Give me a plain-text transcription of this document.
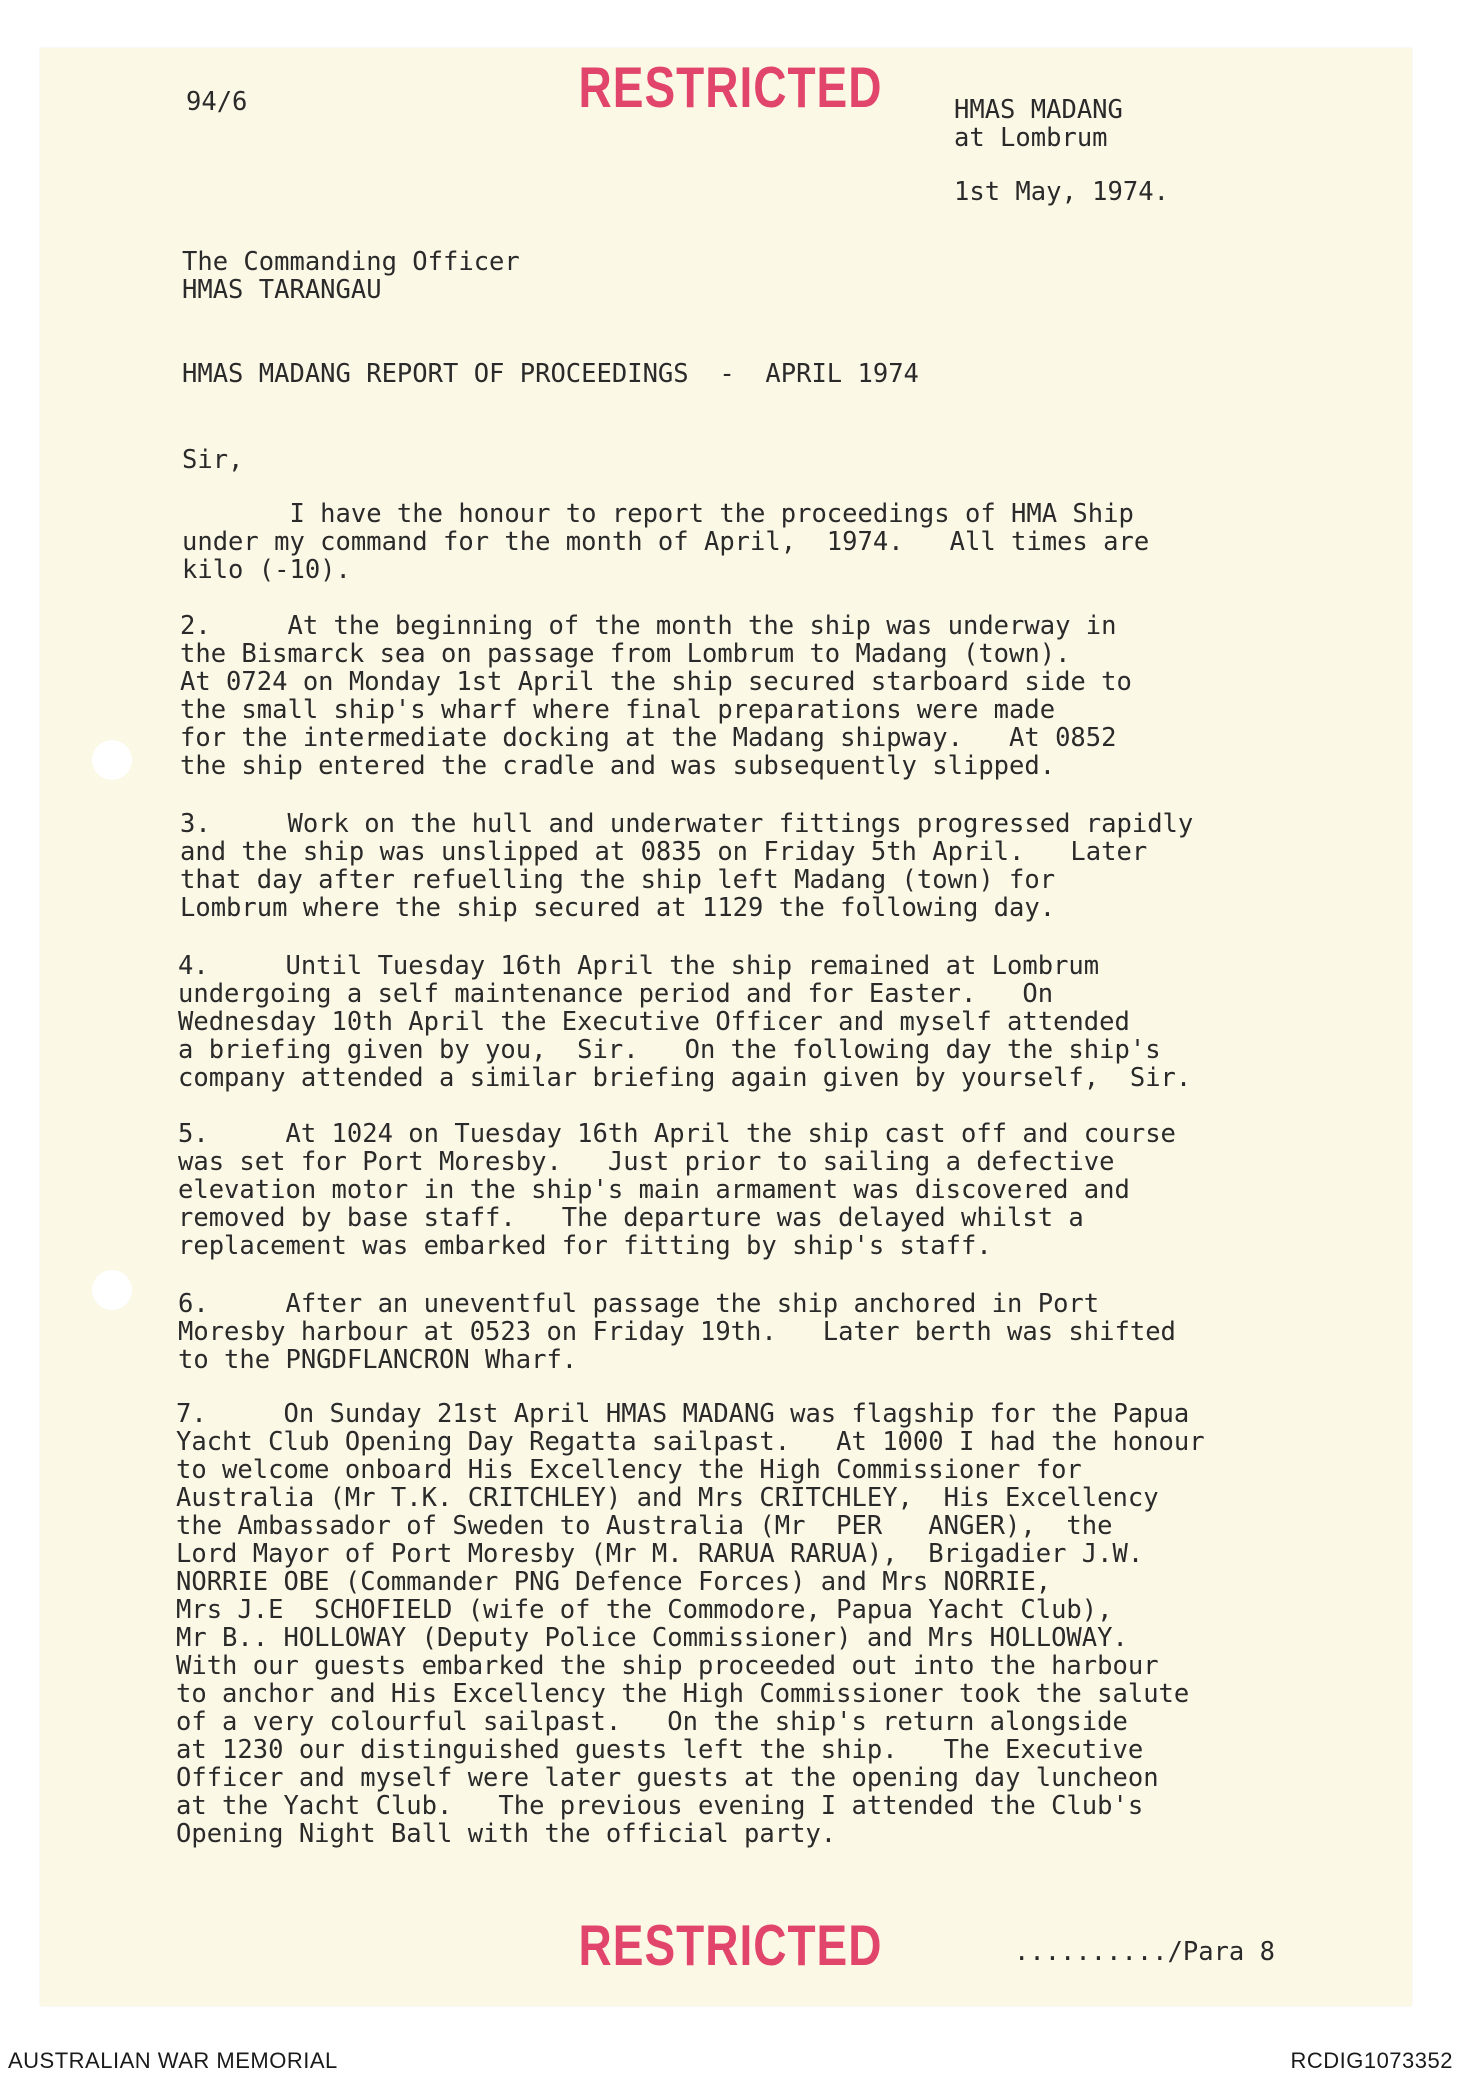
RESTRICTED
94/6	HMAS MADANG
at Lombrum
1st May, 1974.
The Commanding Officer
HMAS TARANGAU
HMAS MADANG REPORT OF PROCEEDINGS  -  APRIL 1974
Sir,
I have the honour to report the proceedings of HMA Ship
under my command for the month of April,  1974.   All times are
kilo (-10).
2.     At the beginning of the month the ship was underway in
the Bismarck sea on passage from Lombrum to Madang (town).
At 0724 on Monday 1st April the ship secured starboard side to
the small ship's wharf where final preparations were made
for the intermediate docking at the Madang shipway.   At 0852
the ship entered the cradle and was subsequently slipped.
3.     Work on the hull and underwater fittings progressed rapidly
and the ship was unslipped at 0835 on Friday 5th April.   Later
that day after refuelling the ship left Madang (town) for
Lombrum where the ship secured at 1129 the following day.
4.     Until Tuesday 16th April the ship remained at Lombrum
undergoing a self maintenance period and for Easter.   On
Wednesday 10th April the Executive Officer and myself attended
a briefing given by you,  Sir.   On the following day the ship's
company attended a similar briefing again given by yourself,  Sir.
5.     At 1024 on Tuesday 16th April the ship cast off and course
was set for Port Moresby.   Just prior to sailing a defective
elevation motor in the ship's main armament was discovered and
removed by base staff.   The departure was delayed whilst a
replacement was embarked for fitting by ship's staff.
6.     After an uneventful passage the ship anchored in Port
Moresby harbour at 0523 on Friday 19th.   Later berth was shifted
to the PNGDFLANCRON Wharf.
7.     On Sunday 21st April HMAS MADANG was flagship for the Papua
Yacht Club Opening Day Regatta sailpast.   At 1000 I had the honour
to welcome onboard His Excellency the High Commissioner for
Australia (Mr T.K. CRITCHLEY) and Mrs CRITCHLEY,  His Excellency
the Ambassador of Sweden to Australia (Mr  PER   ANGER),  the
Lord Mayor of Port Moresby (Mr M. RARUA RARUA),  Brigadier J.W.
NORRIE OBE (Commander PNG Defence Forces) and Mrs NORRIE,
Mrs J.E  SCHOFIELD (wife of the Commodore, Papua Yacht Club),
Mr B.. HOLLOWAY (Deputy Police Commissioner) and Mrs HOLLOWAY.
With our guests embarked the ship proceeded out into the harbour
to anchor and His Excellency the High Commissioner took the salute
of a very colourful sailpast.   On the ship's return alongside
at 1230 our distinguished guests left the ship.   The Executive
Officer and myself were later guests at the opening day luncheon
at the Yacht Club.   The previous evening I attended the Club's
Opening Night Ball with the official party.
RESTRICTED	........../Para 8
AUSTRALIAN WAR MEMORIAL	RCDIG1073352
